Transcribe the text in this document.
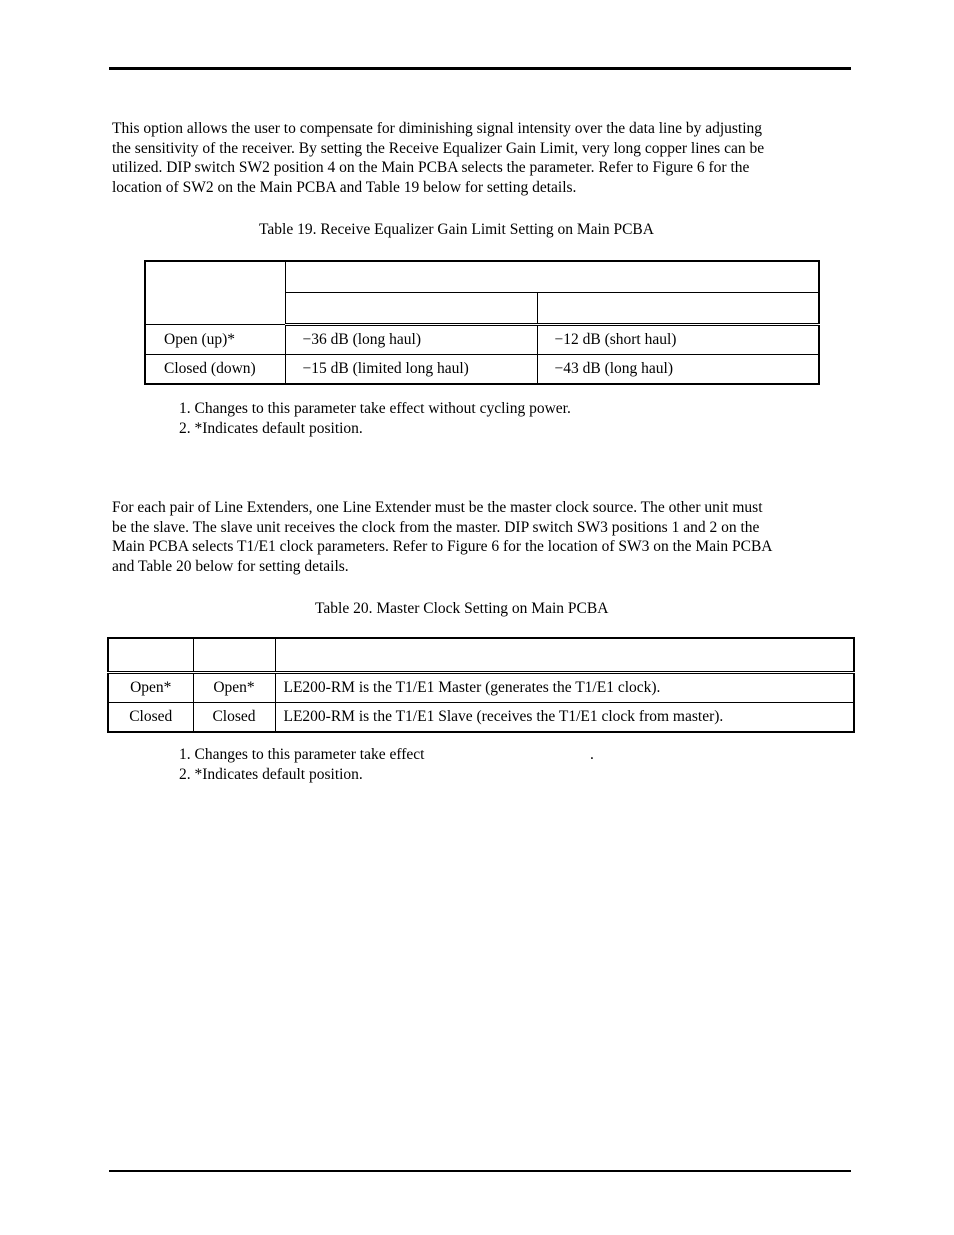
This option allows the user to compensate for diminishing signal intensity over the data line by adjusting
the sensitivity of the receiver. By setting the Receive Equalizer Gain Limit, very long copper lines can be
utilized. DIP switch SW2 position 4 on the Main PCBA selects the parameter. Refer to Figure 6 for the
location of SW2 on the Main PCBA and Table 19 below for setting details.

Table 19. Receive Equalizer Gain Limit Setting on Main PCBA

Open (up)*	−36 dB (long haul)	−12 dB (short haul)
Closed (down)	−15 dB (limited long haul)	−43 dB (long haul)

1. Changes to this parameter take effect without cycling power.
2. *Indicates default position.

For each pair of Line Extenders, one Line Extender must be the master clock source. The other unit must
be the slave. The slave unit receives the clock from the master. DIP switch SW3 positions 1 and 2 on the
Main PCBA selects T1/E1 clock parameters. Refer to Figure 6 for the location of SW3 on the Main PCBA
and Table 20 below for setting details.

Table 20. Master Clock Setting on Main PCBA

Open*	Open*	LE200-RM is the T1/E1 Master (generates the T1/E1 clock).
Closed	Closed	LE200-RM is the T1/E1 Slave (receives the T1/E1 clock from master).

1. Changes to this parameter take effect	.
2. *Indicates default position.
